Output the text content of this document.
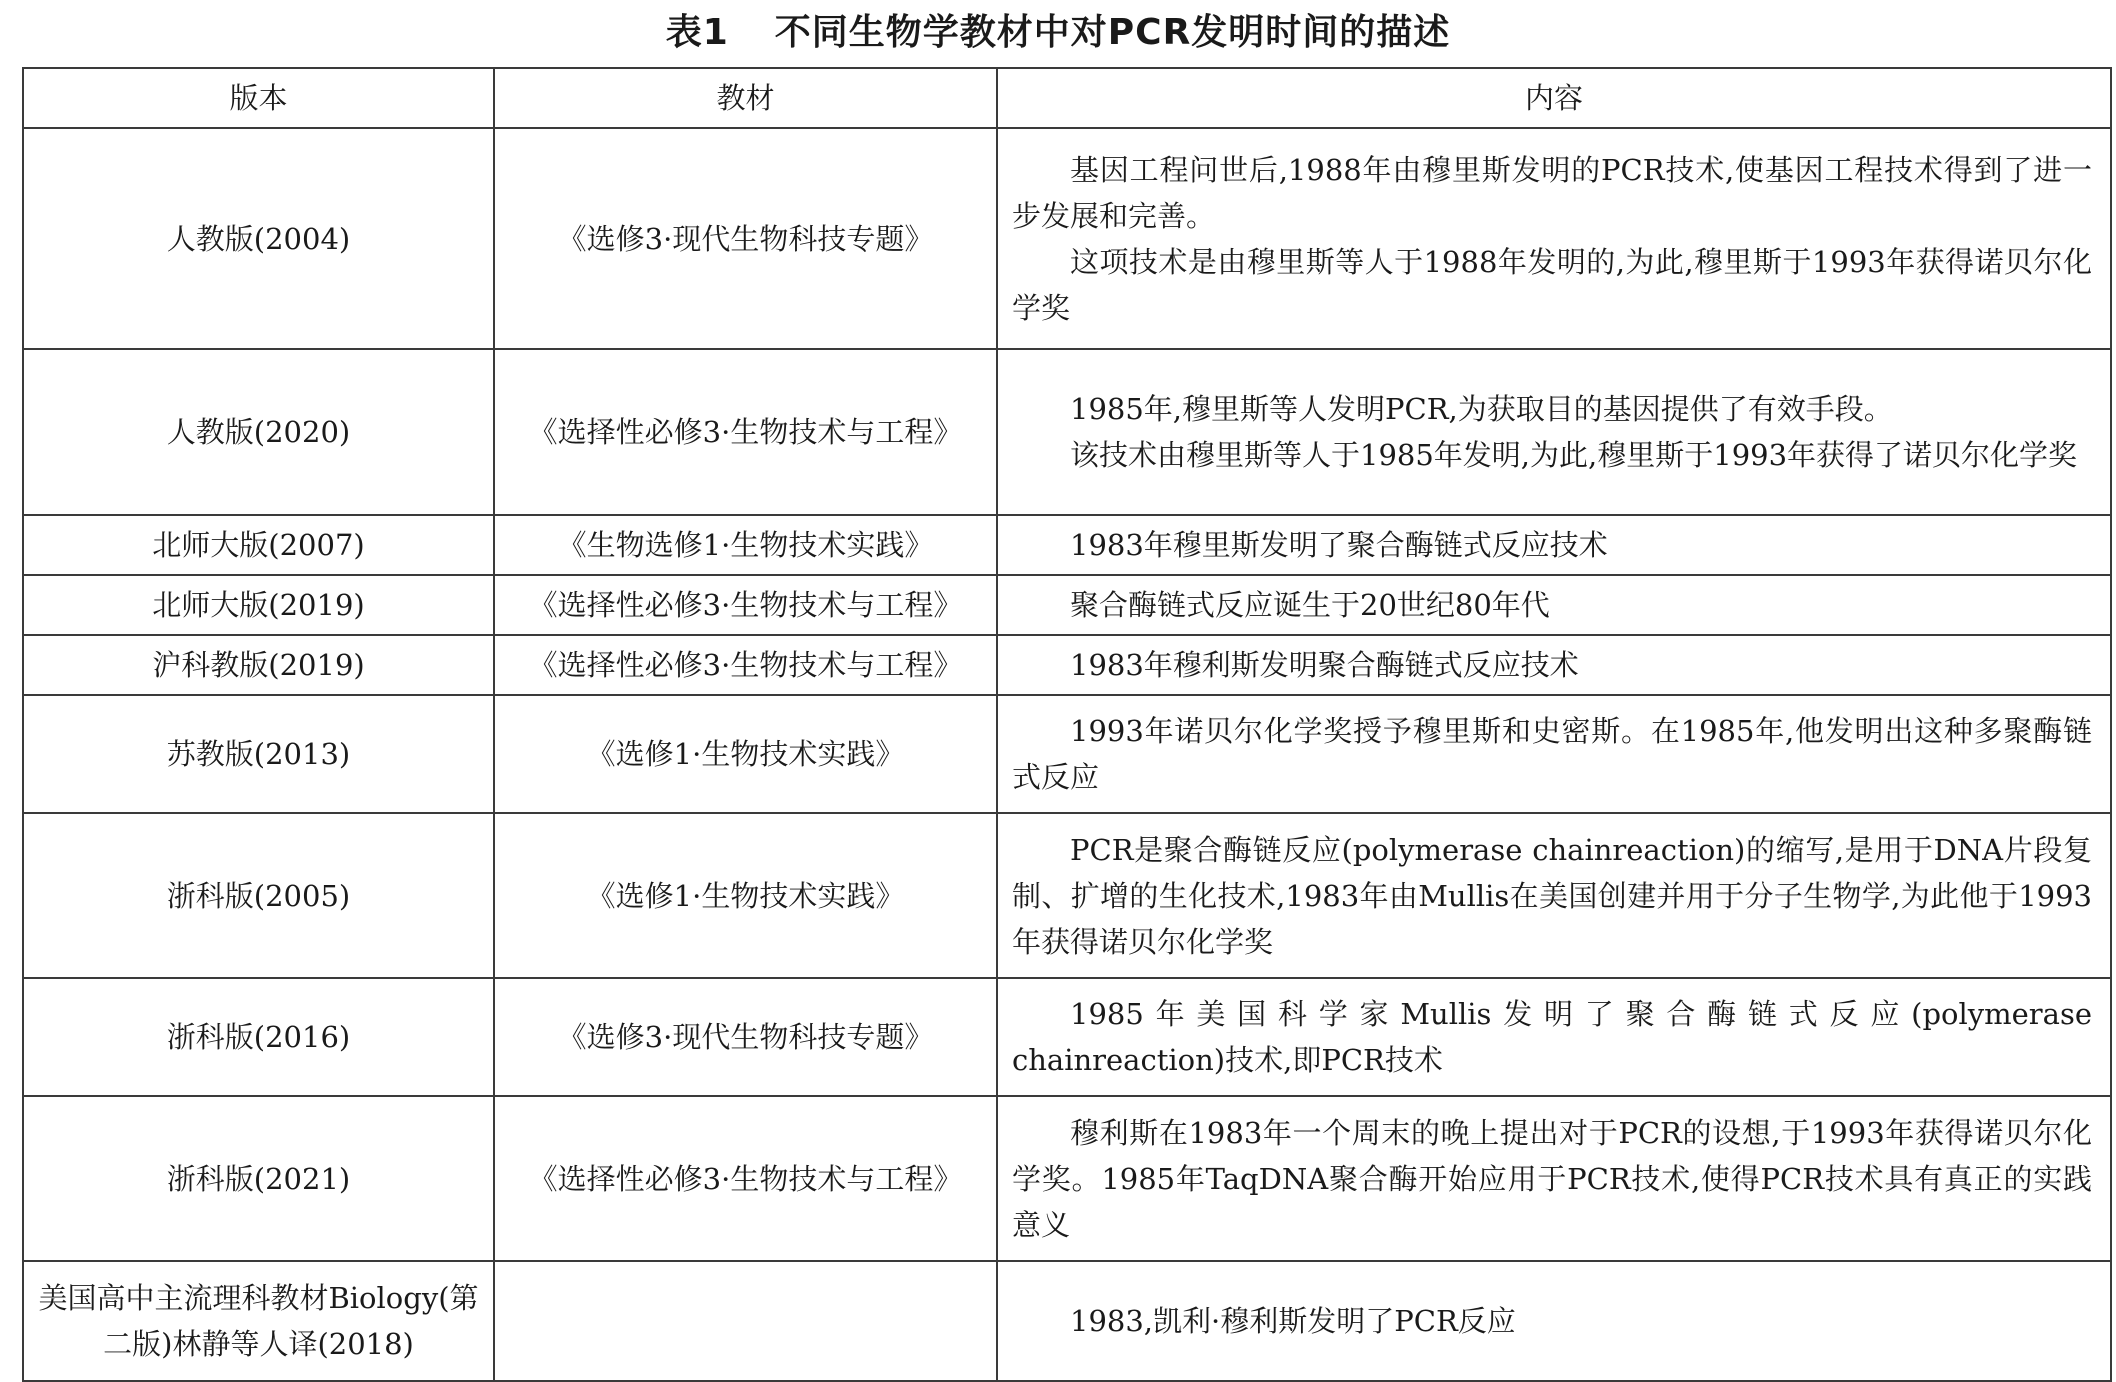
表1 不同生物学教材中对PCR发明时间的描述
版本	教材	内容
人教版(2004)	《选修3·现代生物科技专题》	基因工程问世后,1988年由穆里斯发明的PCR技术,使基因工程技术得到了进一步发展和完善。

这项技术是由穆里斯等人于1988年发明的,为此,穆里斯于1993年获得诺贝尔化学奖

人教版(2020)	《选择性必修3·生物技术与工程》	1985年,穆里斯等人发明PCR,为获取目的基因提供了有效手段。

该技术由穆里斯等人于1985年发明,为此,穆里斯于1993年获得了诺贝尔化学奖

北师大版(2007)	《生物选修1·生物技术实践》	1983年穆里斯发明了聚合酶链式反应技术

北师大版(2019)	《选择性必修3·生物技术与工程》	聚合酶链式反应诞生于20世纪80年代

沪科教版(2019)	《选择性必修3·生物技术与工程》	1983年穆利斯发明聚合酶链式反应技术

苏教版(2013)	《选修1·生物技术实践》	1993年诺贝尔化学奖授予穆里斯和史密斯。在1985年,他发明出这种多聚酶链式反应

浙科版(2005)	《选修1·生物技术实践》	PCR是聚合酶链反应(polymerase chainreaction)的缩写,是用于DNA片段复制、扩增的生化技术,1983年由Mullis在美国创建并用于分子生物学,为此他于1993年获得诺贝尔化学奖

浙科版(2016)	《选修3·现代生物科技专题》	1985年美国科学家Mullis发明了聚合酶链式反应(polymerase chainreaction)技术,即PCR技术

浙科版(2021)	《选择性必修3·生物技术与工程》	穆利斯在1983年一个周末的晚上提出对于PCR的设想,于1993年获得诺贝尔化学奖。1985年TaqDNA聚合酶开始应用于PCR技术,使得PCR技术具有真正的实践意义

美国高中主流理科教材Biology(第二版)林静等人译(2018)		1983,凯利·穆利斯发明了PCR反应
